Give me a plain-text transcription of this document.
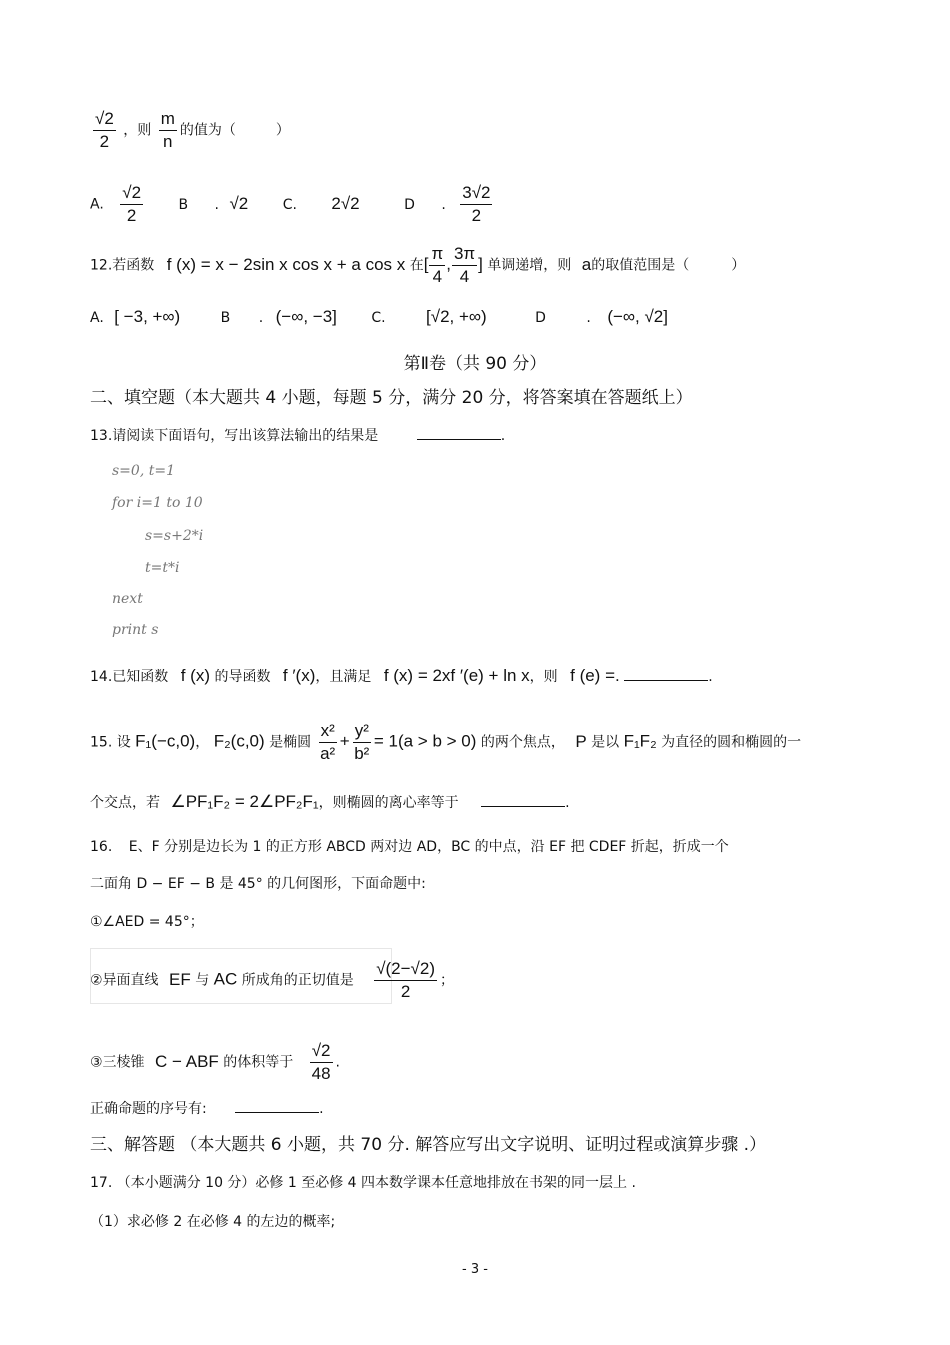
$\frac{√2}{2}$ ，则 $\frac{m}{n}$ 的值为（	）
A. $\frac{√2}{2}$	B . √2 C. 2√2	D . $\frac{3√2}{2}$
12.若函数 f (x) = x − 2sin x cos x + a cos x 在[ $\frac{\pi}{4}$ , $\frac{3\pi}{4}$ ] 单调递增，则 a的取值范围是（	）
A. [ −3, +∞)	B . (−∞, −3] C. [√2, +∞)	D	. (−∞, √2]
第Ⅱ卷（共 90 分）
二、填空题（本大题共 4 小题，每题 5 分，满分 20 分，将答案填在答题纸上）
13.请阅读下面语句，写出该算法输出的结果是	.
s=0, t=1
for i=1 to 10
s=s+2*i
t=t*i
next
print s
14.已知函数 f (x) 的导函数 f ′(x)，且满足 f (x) = 2xf ′(e) + ln x，则 f (e) =.	.
15. 设 F₁(−c,0)， F₂(c,0) 是椭圆 $\frac{\text{x²}}{\text{a²}} + \frac{\text{y²}}{\text{b²}} = 1(a > b > 0)$ 的两个焦点， P 是以 F₁F₂ 为直径的圆和椭圆的一
个交点，若 ∠PF₁F₂ = 2∠PF₂F₁，则椭圆的离心率等于	.
16. E、F 分别是边长为 1 的正方形 ABCD 两对边 AD，BC 的中点，沿 EF 把 CDEF 折起，折成一个
二面角 D − EF − B 是 45° 的几何图形，下面命题中:
①∠AED = 45°；
②异面直线 EF 与 AC 所成角的正切值是 $\frac{√(2-√2)}{2}$ ；
③三棱锥 C − ABF 的体积等于 $\frac{√2}{48}$ .
正确命题的序号有:	.
三、解答题 （本大题共 6 小题，共 70 分. 解答应写出文字说明、证明过程或演算步骤 .）
17. （本小题满分 10 分）必修 1 至必修 4 四本数学课本任意地排放在书架的同一层上 .
（1）求必修 2 在必修 4 的左边的概率;
- 3 -
